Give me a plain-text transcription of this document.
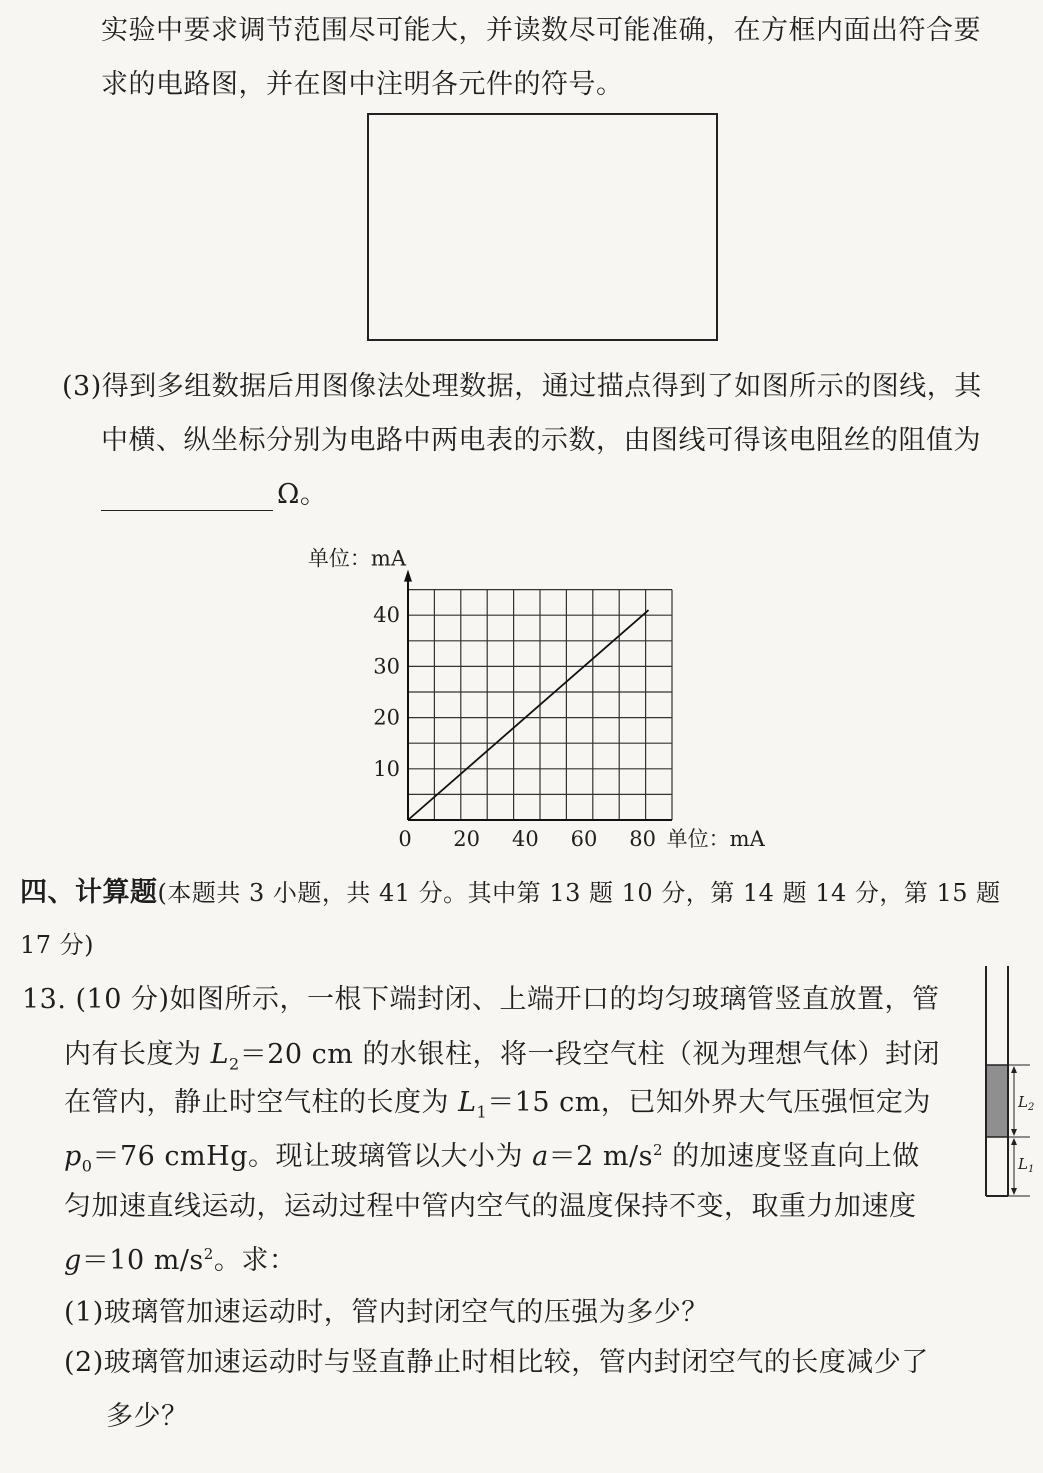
实验中要求调节范围尽可能大，并读数尽可能准确，在方框内面出符合要
求的电路图，并在图中注明各元件的符号。
(3)得到多组数据后用图像法处理数据，通过描点得到了如图所示的图线，其
中横、纵坐标分别为电路中两电表的示数，由图线可得该电阻丝的阻值为
Ω。
20 40 60 80
10
20
30
40
0
单位：mA
单位：mA
四、计算题(本题共 3 小题，共 41 分。其中第 13 题 10 分，第 14 题 14 分，第 15 题
17 分)
13. (10 分)如图所示，一根下端封闭、上端开口的均匀玻璃管竖直放置，管
内有长度为 $L_2=20$ cm 的水银柱，将一段空气柱（视为理想气体）封闭
在管内，静止时空气柱的长度为 $L_1=15$ cm，已知外界大气压强恒定为
$p_0=76$ cmHg。现让玻璃管以大小为 a＝2 $m/s^2$ 的加速度竖直向上做
匀加速直线运动，运动过程中管内空气的温度保持不变，取重力加速度
g＝10 $m/s^2$。求：
(1)玻璃管加速运动时，管内封闭空气的压强为多少？
(2)玻璃管加速运动时与竖直静止时相比较，管内封闭空气的长度减少了
多少？
$L_2$
$L_1$
